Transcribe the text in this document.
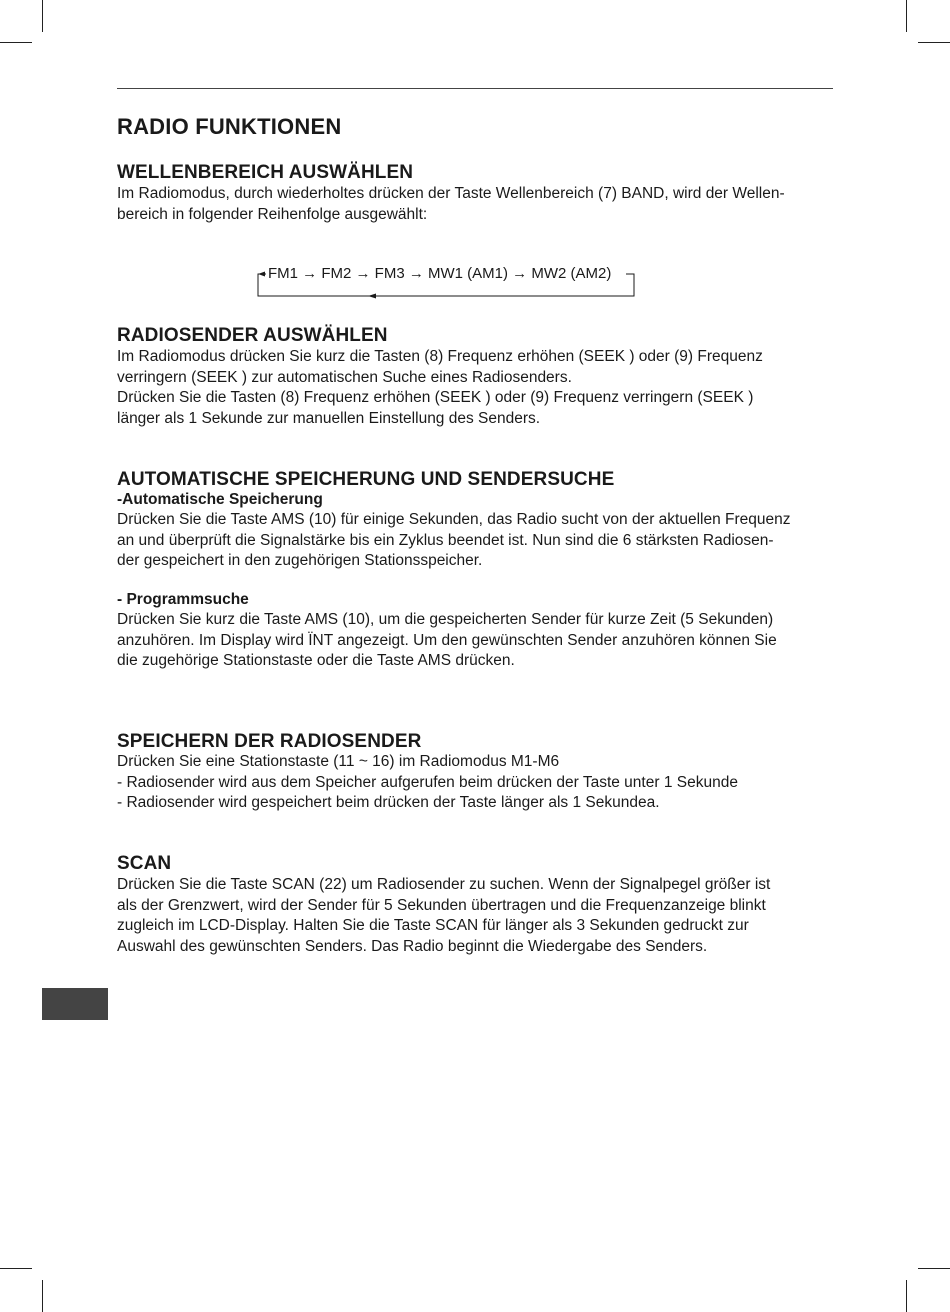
RADIO FUNKTIONEN
WELLENBEREICH AUSWÄHLEN

Im Radiomodus, durch wiederholtes drücken der Taste Wellenbereich (7) BAND, wird der Wellen-
bereich in folgender Reihenfolge ausgewählt:

FM1 → FM2 → FM3 → MW1 (AM1) → MW2 (AM2)

RADIOSENDER AUSWÄHLEN

Im Radiomodus drücken Sie kurz die Tasten (8) Frequenz erhöhen (SEEK ) oder (9) Frequenz
verringern (SEEK ) zur automatischen Suche eines Radiosenders.
Drücken Sie die Tasten (8) Frequenz erhöhen (SEEK ) oder (9) Frequenz verringern (SEEK )
länger als 1 Sekunde zur manuellen Einstellung des Senders.

AUTOMATISCHE SPEICHERUNG UND SENDERSUCHE

-Automatische Speicherung

Drücken Sie die Taste AMS (10) für einige Sekunden, das Radio sucht von der aktuellen Frequenz
an und überprüft die Signalstärke bis ein Zyklus beendet ist. Nun sind die 6 stärksten Radiosen-
der gespeichert in den zugehörigen Stationsspeicher.

- Programmsuche

Drücken Sie kurz die Taste AMS (10), um die gespeicherten Sender für kurze Zeit (5 Sekunden)
anzuhören. Im Display wird ÏNT angezeigt. Um den gewünschten Sender anzuhören können Sie
die zugehörige Stationstaste oder die Taste AMS drücken.

SPEICHERN DER RADIOSENDER

Drücken Sie eine Stationstaste (11 ~ 16) im Radiomodus M1-M6
- Radiosender wird aus dem Speicher aufgerufen beim drücken der Taste unter 1 Sekunde
- Radiosender wird gespeichert beim drücken der Taste länger als 1 Sekundea.

SCAN

Drücken Sie die Taste SCAN (22) um Radiosender zu suchen. Wenn der Signalpegel größer ist
als der Grenzwert, wird der Sender für 5 Sekunden übertragen und die Frequenzanzeige blinkt
zugleich im LCD-Display. Halten Sie die Taste SCAN für länger als 3 Sekunden gedruckt zur
Auswahl des gewünschten Senders. Das Radio beginnt die Wiedergabe des Senders.
